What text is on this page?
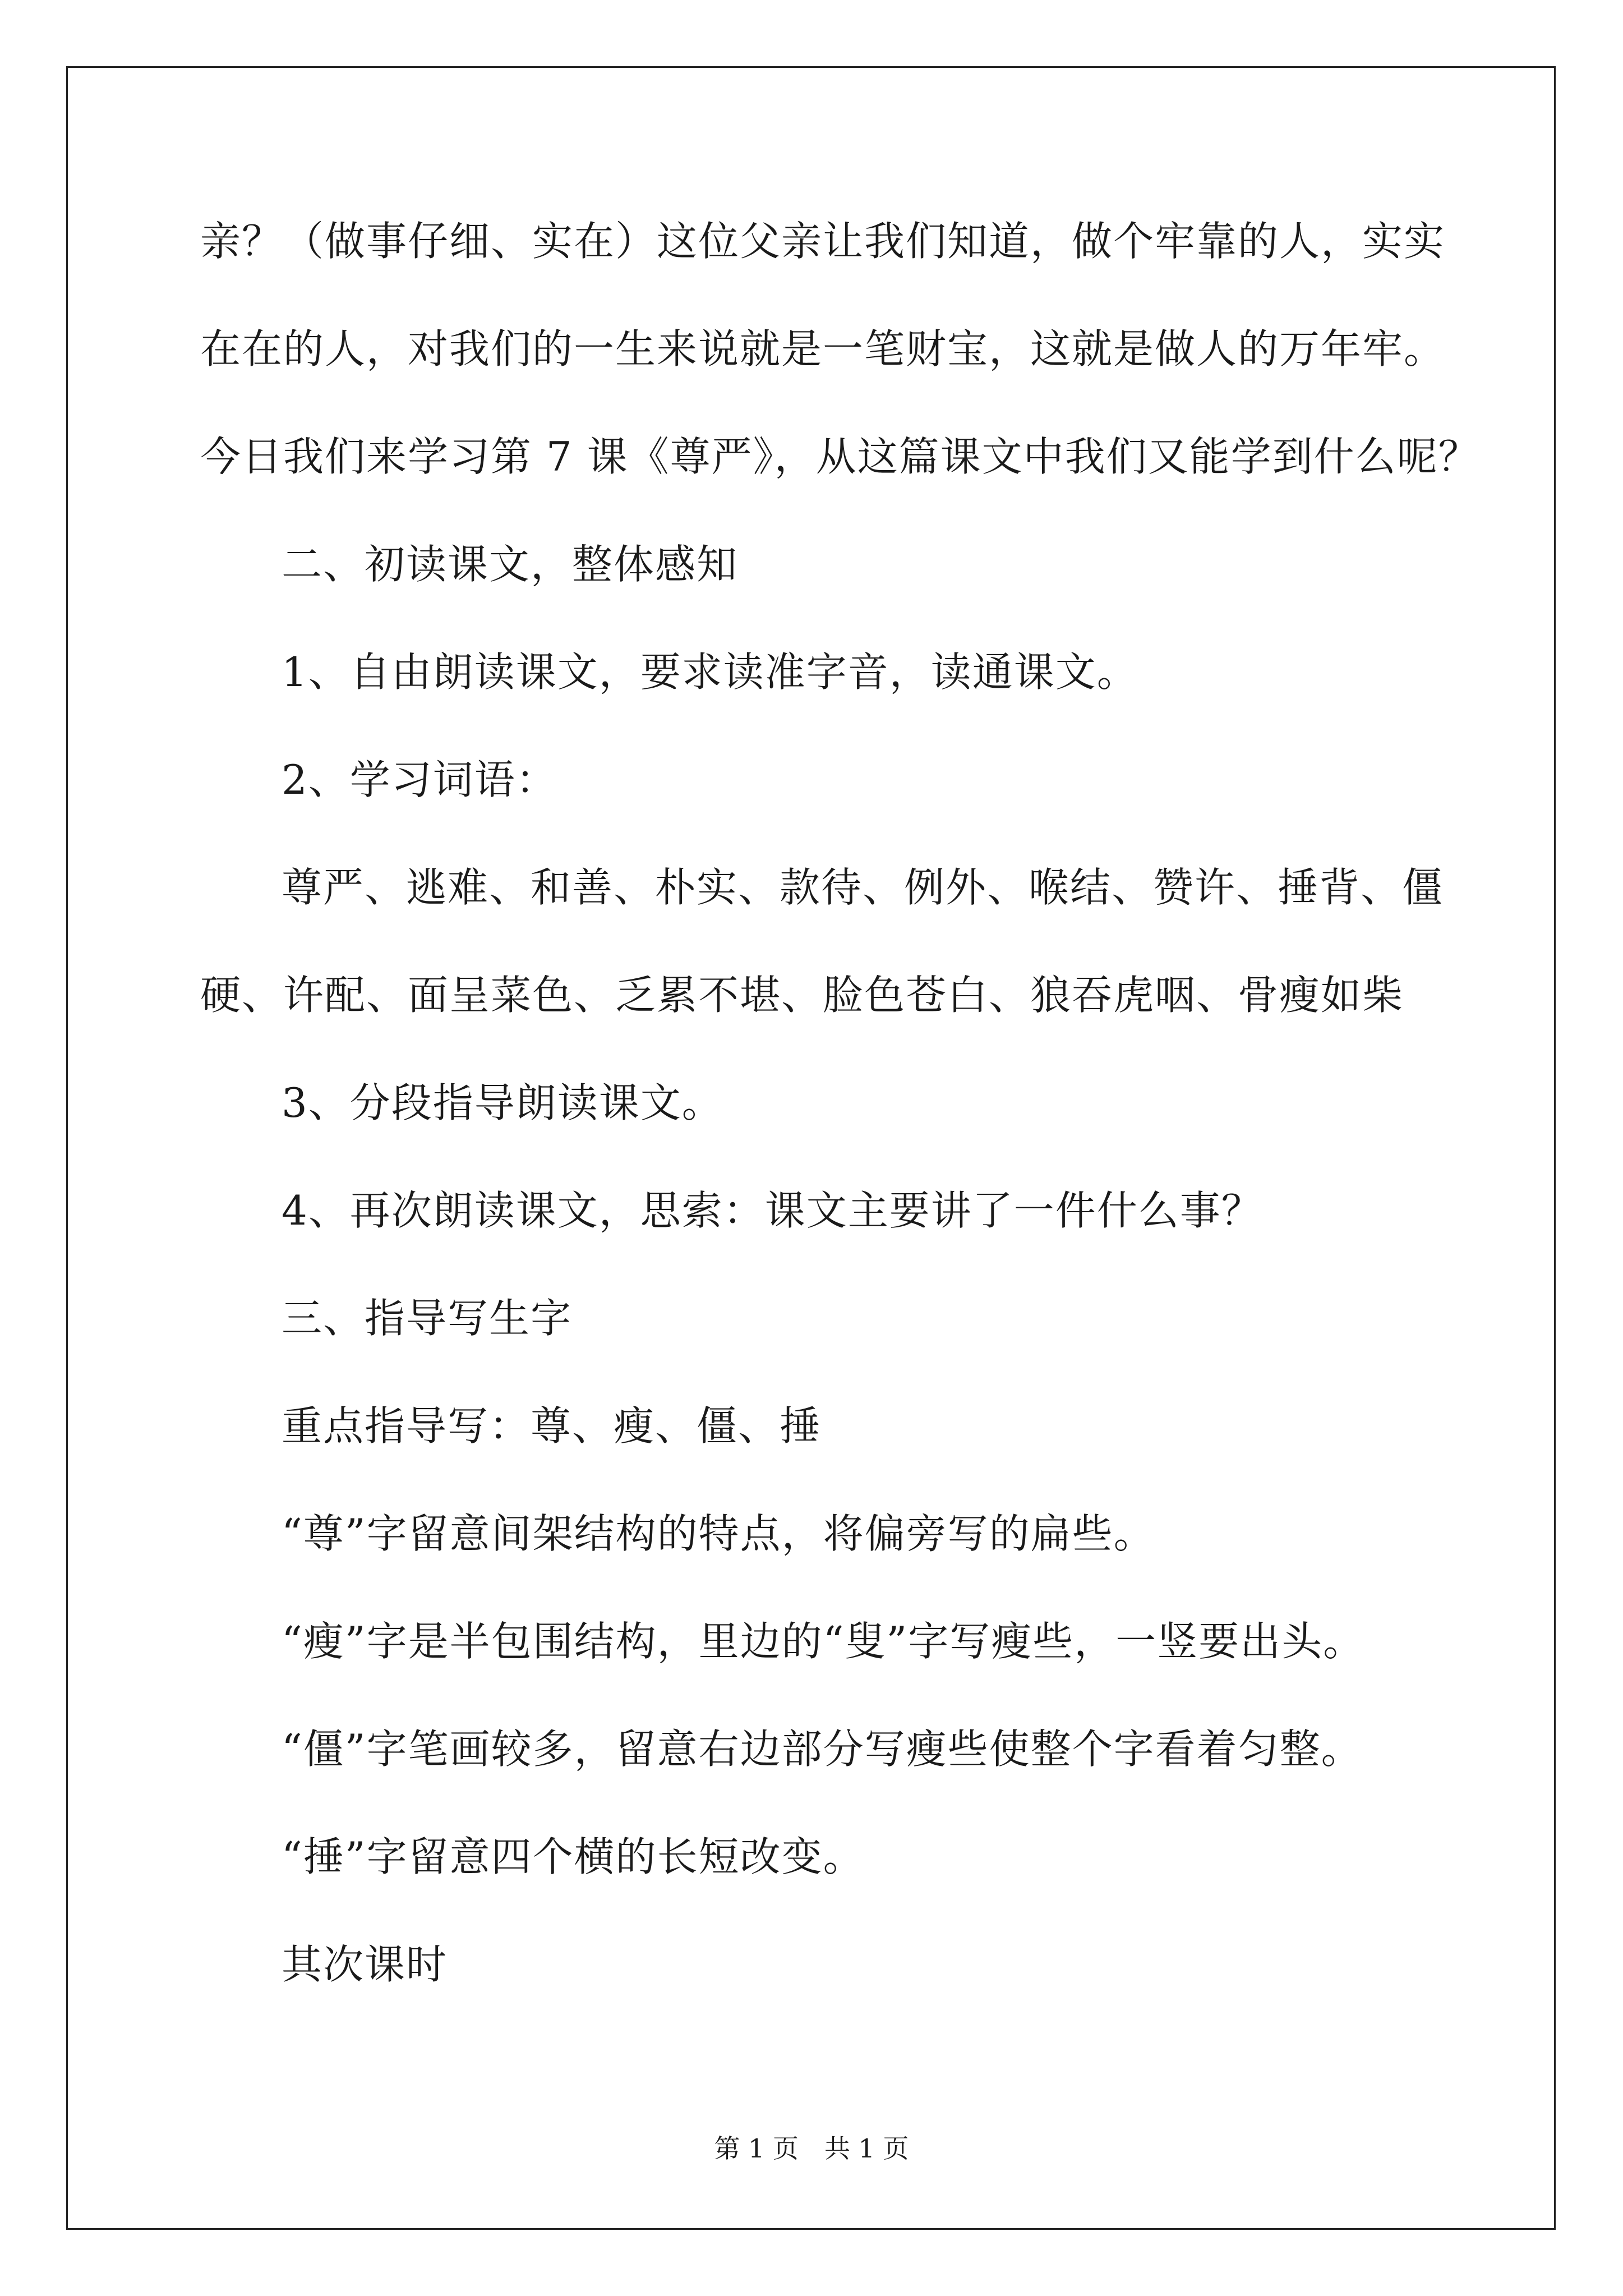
亲？（做事仔细、实在）这位父亲让我们知道，做个牢靠的人，实实
在在的人，对我们的一生来说就是一笔财宝，这就是做人的万年牢。
今日我们来学习第 7 课《尊严》，从这篇课文中我们又能学到什么呢？
二、初读课文，整体感知
1、自由朗读课文，要求读准字音，读通课文。
2、学习词语：
尊严、逃难、和善、朴实、款待、例外、喉结、赞许、捶背、僵
硬、许配、面呈菜色、乏累不堪、脸色苍白、狼吞虎咽、骨瘦如柴
3、分段指导朗读课文。
4、再次朗读课文，思索：课文主要讲了一件什么事？
三、指导写生字
重点指导写：尊、瘦、僵、捶
“尊”字留意间架结构的特点，将偏旁写的扁些。
“瘦”字是半包围结构，里边的“叟”字写瘦些，一竖要出头。
“僵”字笔画较多，留意右边部分写瘦些使整个字看着匀整。
“捶”字留意四个横的长短改变。
其次课时
第 1 页 共 1 页
